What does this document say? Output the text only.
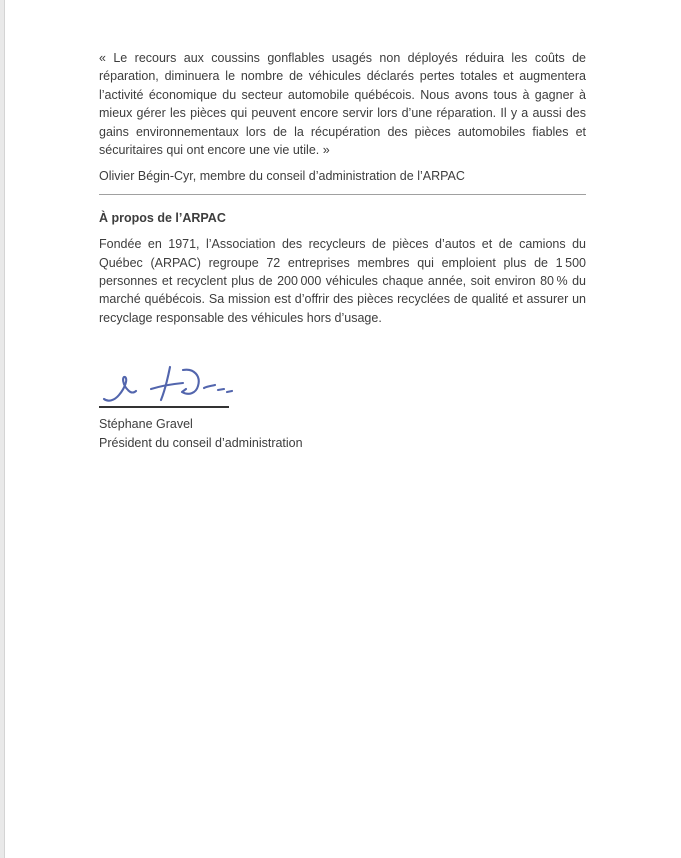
« Le recours aux coussins gonflables usagés non déployés réduira les coûts de réparation, diminuera le nombre de véhicules déclarés pertes totales et augmentera l’activité économique du secteur automobile québécois. Nous avons tous à gagner à mieux gérer les pièces qui peuvent encore servir lors d’une réparation. Il y a aussi des gains environnementaux lors de la récupération des pièces automobiles fiables et sécuritaires qui ont encore une vie utile. »

Olivier Bégin-Cyr, membre du conseil d’administration de l’ARPAC

À propos de l’ARPAC

Fondée en 1971, l’Association des recycleurs de pièces d’autos et de camions du Québec (ARPAC) regroupe 72 entreprises membres qui emploient plus de 1 500 personnes et recyclent plus de 200 000 véhicules chaque année, soit environ 80 % du marché québécois. Sa mission est d’offrir des pièces recyclées de qualité et assurer un recyclage responsable des véhicules hors d’usage.

Stéphane Gravel
Président du conseil d’administration
